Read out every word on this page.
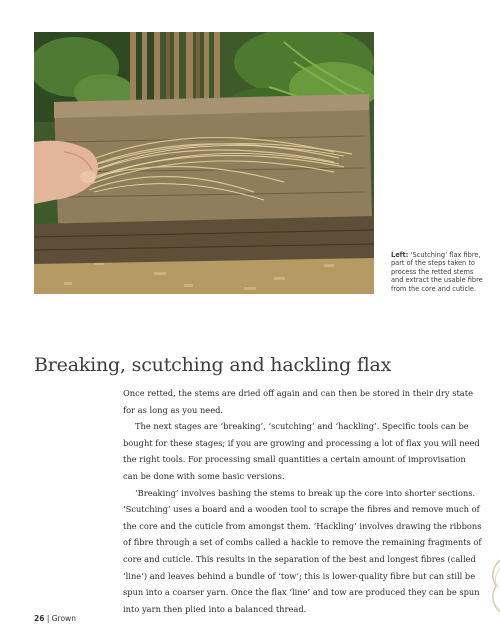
Left: ‘Scutching’ flax fibre, part of the steps taken to process the retted stems and extract the usable fibre from the core and cuticle.

Breaking, scutching and hackling flax

Once retted, the stems are dried off again and can then be stored in their dry state for as long as you need.

The next stages are ‘breaking’, ‘scutching’ and ‘hackling’. Specific tools can be bought for these stages; if you are growing and processing a lot of flax you will need the right tools. For processing small quantities a certain amount of improvisation can be done with some basic versions.

‘Breaking’ involves bashing the stems to break up the core into shorter sections. ‘Scutching’ uses a board and a wooden tool to scrape the fibres and remove much of the core and the cuticle from amongst them. ‘Hackling’ involves drawing the ribbons of fibre through a set of combs called a hackle to remove the remaining fragments of core and cuticle. This results in the separation of the best and longest fibres (called ‘line’) and leaves behind a bundle of ‘tow’; this is lower-quality fibre but can still be spun into a coarser yarn. Once the flax ‘line’ and tow are produced they can be spun into yarn then plied into a balanced thread.

26 | Grown
